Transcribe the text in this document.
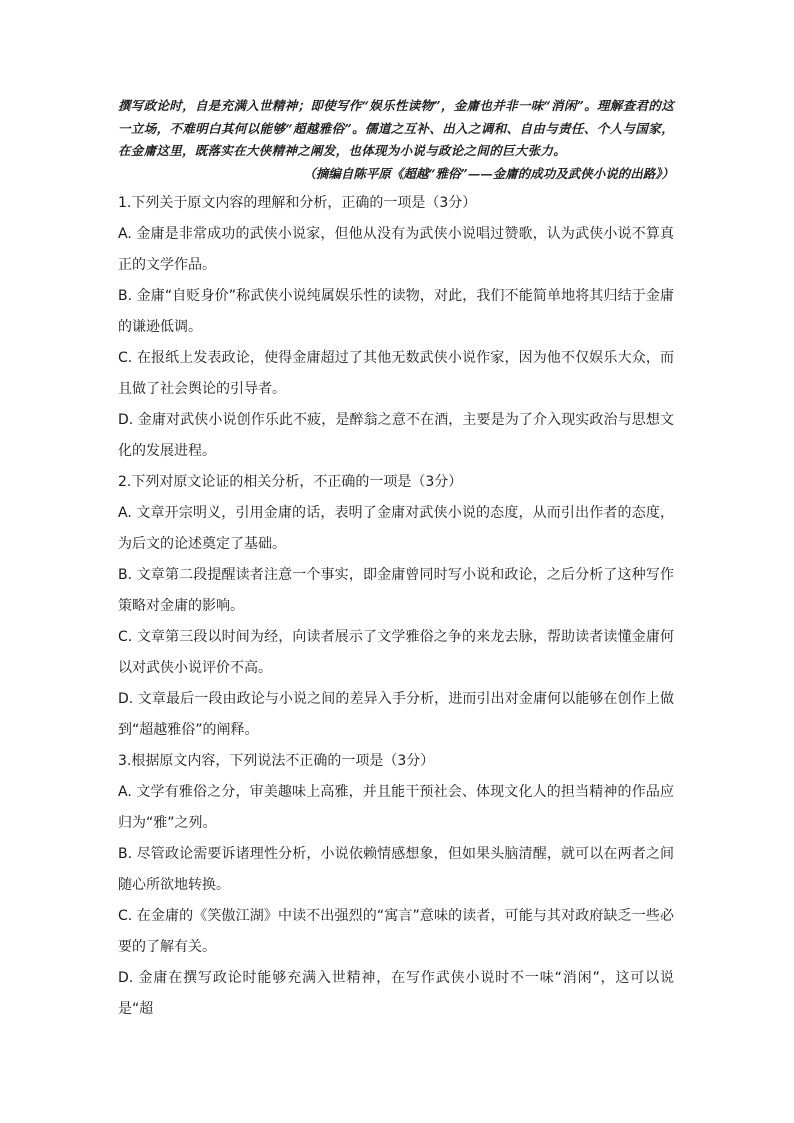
撰写政论时，自是充满入世精神；即使写作“娱乐性读物”，金庸也并非一味“消闲”。理解查君的这一立场，不难明白其何以能够“超越雅俗”。儒道之互补、出入之调和、自由与责任、个人与国家，在金庸这里，既落实在大侠精神之阐发，也体现为小说与政论之间的巨大张力。

（摘编自陈平原《超越“雅俗”——金庸的成功及武侠小说的出路》）

1.下列关于原文内容的理解和分析，正确的一项是（3分）

A. 金庸是非常成功的武侠小说家，但他从没有为武侠小说唱过赞歌，认为武侠小说不算真正的文学作品。

B. 金庸“自贬身价”称武侠小说纯属娱乐性的读物，对此，我们不能简单地将其归结于金庸的谦逊低调。

C. 在报纸上发表政论，使得金庸超过了其他无数武侠小说作家，因为他不仅娱乐大众，而且做了社会舆论的引导者。

D. 金庸对武侠小说创作乐此不疲，是醉翁之意不在酒，主要是为了介入现实政治与思想文化的发展进程。

2.下列对原文论证的相关分析，不正确的一项是（3分）

A. 文章开宗明义，引用金庸的话，表明了金庸对武侠小说的态度，从而引出作者的态度，为后文的论述奠定了基础。

B. 文章第二段提醒读者注意一个事实，即金庸曾同时写小说和政论，之后分析了这种写作策略对金庸的影响。

C. 文章第三段以时间为经，向读者展示了文学雅俗之争的来龙去脉，帮助读者读懂金庸何以对武侠小说评价不高。

D. 文章最后一段由政论与小说之间的差异入手分析，进而引出对金庸何以能够在创作上做到“超越雅俗”的阐释。

3.根据原文内容，下列说法不正确的一项是（3分）

A. 文学有雅俗之分，审美趣味上高雅，并且能干预社会、体现文化人的担当精神的作品应归为“雅”之列。

B. 尽管政论需要诉诸理性分析，小说依赖情感想象，但如果头脑清醒，就可以在两者之间随心所欲地转换。

C. 在金庸的《笑傲江湖》中读不出强烈的“寓言”意味的读者，可能与其对政府缺乏一些必要的了解有关。

D. 金庸在撰写政论时能够充满入世精神，在写作武侠小说时不一味“消闲”，这可以说是“超
